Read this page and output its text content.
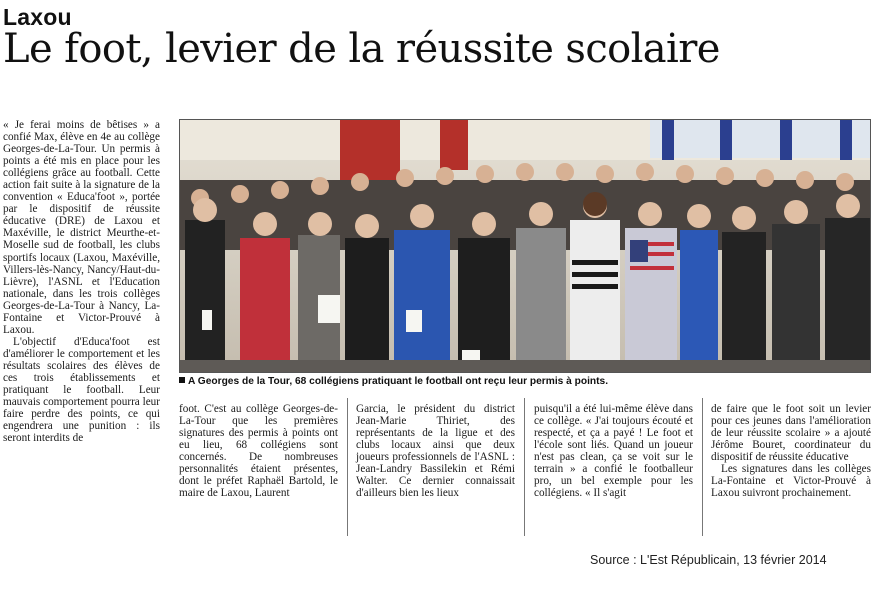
Laxou
Le foot, levier de la réussite scolaire

« Je ferai moins de bêtises » a confié Max, élève en 4e au collège Georges-de-La-Tour. Un permis à points a été mis en place pour les collégiens grâce au football. Cette action fait suite à la signature de la convention « Educa'foot », portée par le dispositif de réussite éducative (DRE) de Laxou et Maxéville, le district Meurthe-et-Moselle sud de football, les clubs sportifs locaux (Laxou, Maxéville, Villers-lès-Nancy, Nancy/Haut-du-Lièvre), l'ASNL et l'Education nationale, dans les trois collèges Georges-de-La-Tour à Nancy, La-Fontaine et Victor-Prouvé à Laxou.

L'objectif d'Educa'foot est d'améliorer le comportement et les résultats scolaires des élèves de ces trois établissements et pratiquant le football. Leur mauvais comportement pourra leur faire perdre des points, ce qui engendrera une punition : ils seront interdits de

A Georges de la Tour, 68 collégiens pratiquant le football ont reçu leur permis à points.

foot. C'est au collège Georges-de-La-Tour que les premières signatures des permis à points ont eu lieu, 68 collégiens sont concernés. De nombreuses personnalités étaient présentes, dont le préfet Raphaël Bartold, le maire de Laxou, Laurent

Garcia, le président du district Jean-Marie Thiriet, des représentants de la ligue et des clubs locaux ainsi que deux joueurs professionnels de l'ASNL : Jean-Landry Bassilekin et Rémi Walter. Ce dernier connaissait d'ailleurs bien les lieux

puisqu'il a été lui-même élève dans ce collège. « J'ai toujours écouté et respecté, et ça a payé ! Le foot et l'école sont liés. Quand un joueur n'est pas clean, ça se voit sur le terrain » a confié le footballeur pro, un bel exemple pour les collégiens. « Il s'agit

de faire que le foot soit un levier pour ces jeunes dans l'amélioration de leur réussite scolaire » a ajouté Jérôme Bouret, coordinateur du dispositif de réussite éducative

Les signatures dans les collèges La-Fontaine et Victor-Prouvé à Laxou suivront prochainement.

Source : L'Est Républicain, 13 février 2014
